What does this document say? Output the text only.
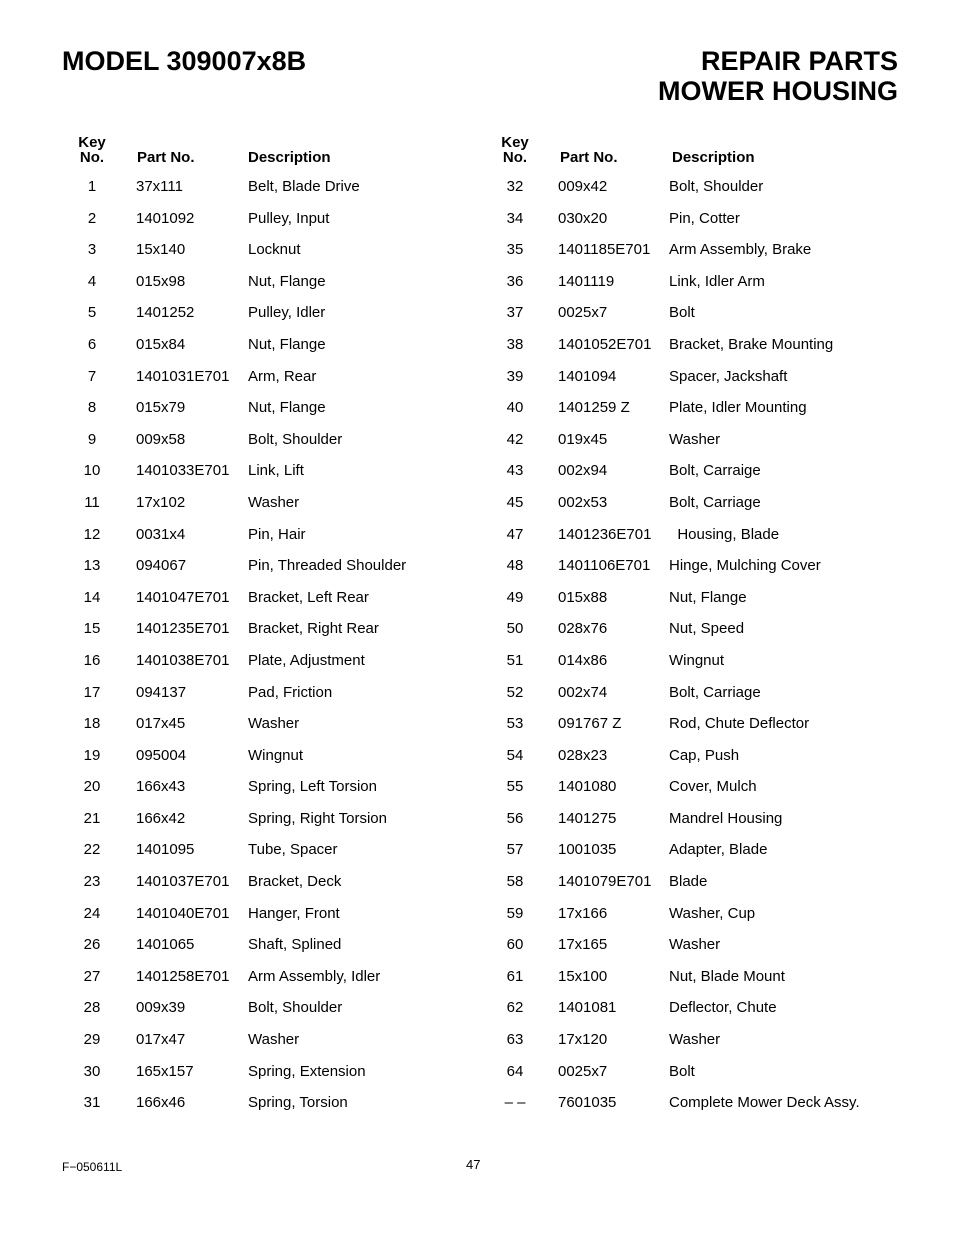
MODEL 309007x8B	REPAIR PARTS
MOWER HOUSING
Key
No.	Part No.	Description
1	37x111	Belt, Blade Drive
2	1401092	Pulley, Input
3	15x140	Locknut
4	015x98	Nut, Flange
5	1401252	Pulley, Idler
6	015x84	Nut, Flange
7	1401031E701 Arm, Rear
8	015x79	Nut, Flange
9	009x58	Bolt, Shoulder
10	1401033E701 Link, Lift
11	17x102	Washer
12	0031x4	Pin, Hair
13	094067	Pin, Threaded Shoulder
14	1401047E701 Bracket, Left Rear
15	1401235E701 Bracket, Right Rear
16	1401038E701 Plate, Adjustment
17	094137	Pad, Friction
18	017x45	Washer
19	095004	Wingnut
20	166x43	Spring, Left Torsion
21	166x42	Spring, Right Torsion
22	1401095	Tube, Spacer
23	1401037E701 Bracket, Deck
24	1401040E701 Hanger, Front
26	1401065	Shaft, Splined
27	1401258E701 Arm Assembly, Idler
28	009x39	Bolt, Shoulder
29	017x47	Washer
30	165x157	Spring, Extension
31	166x46	Spring, Torsion
Key
No.	Part No.	Description
32	009x42	Bolt, Shoulder
34	030x20	Pin, Cotter
35	1401185E701 Arm Assembly, Brake
36	1401119	Link, Idler Arm
37	0025x7	Bolt
38	1401052E701 Bracket, Brake Mounting
39	1401094	Spacer, Jackshaft
40	1401259 Z	Plate, Idler Mounting
42	019x45	Washer
43	002x94	Bolt, Carraige
45	002x53	Bolt, Carriage
47	1401236E701 Housing, Blade
48	1401106E701 Hinge, Mulching Cover
49	015x88	Nut, Flange
50	028x76	Nut, Speed
51	014x86	Wingnut
52	002x74	Bolt, Carriage
53	091767 Z	Rod, Chute Deflector
54	028x23	Cap, Push
55	1401080	Cover, Mulch
56	1401275	Mandrel Housing
57	1001035	Adapter, Blade
58	1401079E701 Blade
59	17x166	Washer, Cup
60	17x165	Washer
61	15x100	Nut, Blade Mount
62	1401081	Deflector, Chute
63	17x120	Washer
64	0025x7	Bolt
– –	7601035	Complete Mower Deck Assy.
F−050611L	47
